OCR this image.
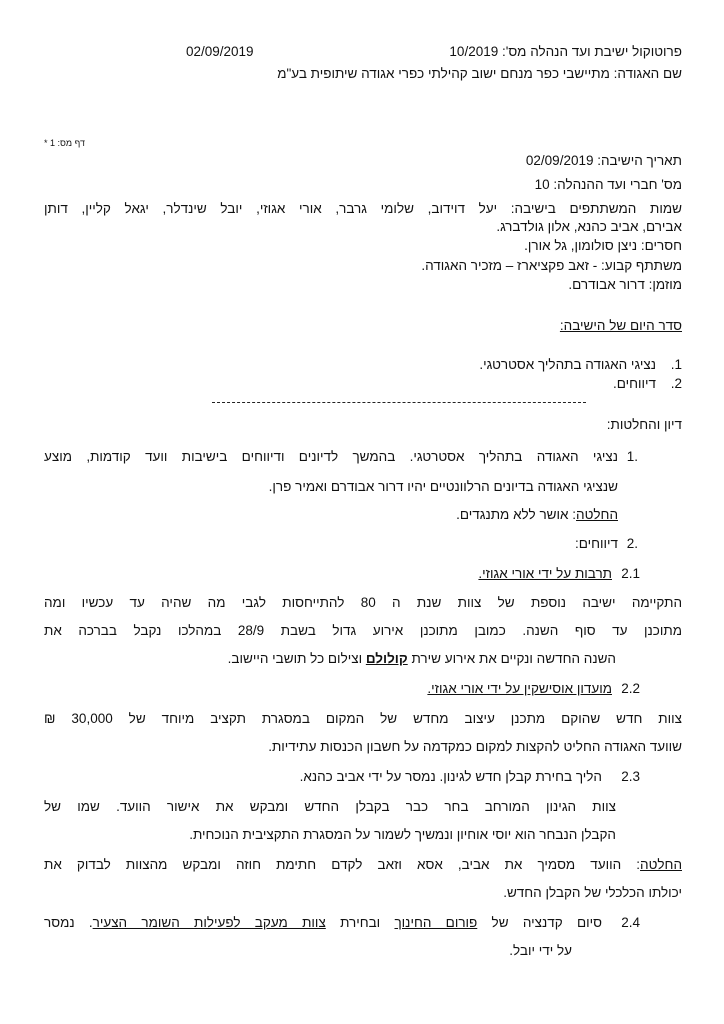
פרוטוקול ישיבת ועד הנהלה מס': 10/2019
02/09/2019
שם האגודה: מתיישבי כפר מנחם ישוב קהילתי כפרי אגודה שיתופית בע"מ
דף מס: 1 *
תאריך הישיבה: 02/09/2019
מס' חברי ועד ההנהלה: 10
שמות המשתתפים בישיבה: יעל דוידוב, שלומי גרבר, אורי אגוזי, יובל שינדלר, יגאל קליין, דותן
אבירם, אביב כהנא, אלון גולדברג.
חסרים: ניצן סולומון, גל אורן.
משתתף קבוע: - זאב פקציארז – מזכיר האגודה.
מוזמן: דרור אבודרם.
סדר היום של הישיבה:
1.
נציגי האגודה בתהליך אסטרטגי.
2.
דיווחים.
דיון והחלטות:
1.
נציגי האגודה בתהליך אסטרטגי. בהמשך לדיונים ודיווחים בישיבות וועד קודמות, מוצע
שנציגי האגודה בדיונים הרלוונטיים יהיו דרור אבודרם ואמיר פרן.
החלטה: אושר ללא מתנגדים.
2.
דיווחים:
2.1
תרבות על ידי אורי אגוזי.
התקיימה ישיבה נוספת של צוות שנת ה 80 להתייחסות לגבי מה שהיה עד עכשיו ומה
מתוכנן עד סוף השנה. כמובן מתוכנן אירוע גדול בשבת 28/9 במהלכו נקבל בברכה את
השנה החדשה ונקיים את אירוע שירת קולולם וצילום כל תושבי היישוב.
2.2
מועדון אוסישקין על ידי אורי אגוזי.
צוות חדש שהוקם מתכנן עיצוב מחדש של המקום במסגרת תקציב מיוחד של 30,000 ₪
שוועד האגודה החליט להקצות למקום כמקדמה על חשבון הכנסות עתידיות.
2.3
הליך בחירת קבלן חדש לגינון. נמסר על ידי אביב כהנא.
צוות הגינון המורחב בחר כבר בקבלן החדש ומבקש את אישור הוועד. שמו של
הקבלן הנבחר הוא יוסי אוחיון ונמשיך לשמור על המסגרת התקציבית הנוכחית.
החלטה: הוועד מסמיך את אביב, אסא וזאב לקדם חתימת חוזה ומבקש מהצוות לבדוק את
יכולתו הכלכלי של הקבלן החדש.
2.4
סיום קדנציה של פורום החינוך ובחירת צוות מעקב לפעילות השומר הצעיר. נמסר
על ידי יובל.
